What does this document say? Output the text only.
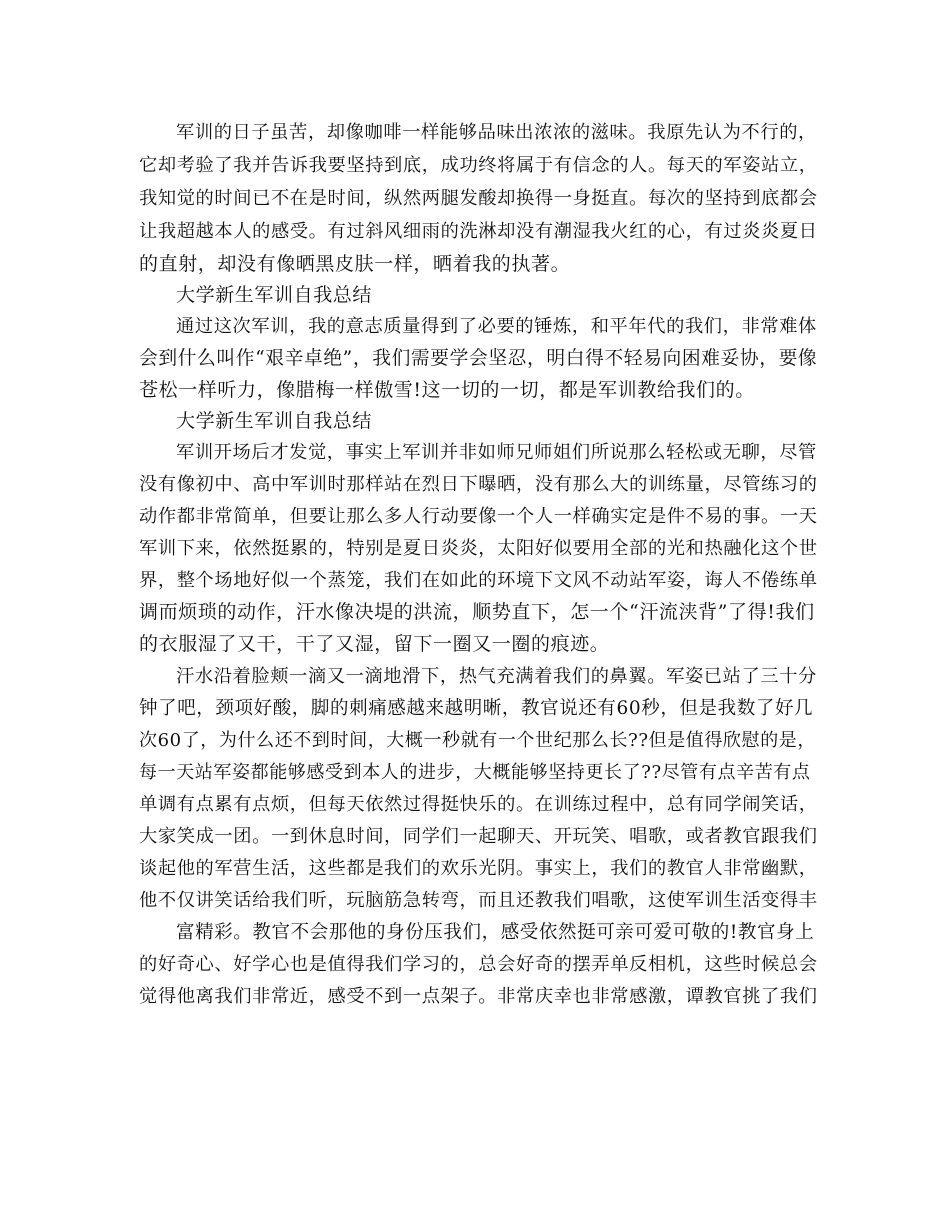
军训的日子虽苦，却像咖啡一样能够品味出浓浓的滋味。我原先认为不行的，
它却考验了我并告诉我要坚持到底，成功终将属于有信念的人。每天的军姿站立，
我知觉的时间已不在是时间，纵然两腿发酸却换得一身挺直。每次的坚持到底都会
让我超越本人的感受。有过斜风细雨的洗淋却没有潮湿我火红的心，有过炎炎夏日
的直射，却没有像晒黑皮肤一样，晒着我的执著。
大学新生军训自我总结
通过这次军训，我的意志质量得到了必要的锤炼，和平年代的我们，非常难体
会到什么叫作“艰辛卓绝”，我们需要学会坚忍，明白得不轻易向困难妥协，要像
苍松一样听力，像腊梅一样傲雪!这一切的一切，都是军训教给我们的。
大学新生军训自我总结
军训开场后才发觉，事实上军训并非如师兄师姐们所说那么轻松或无聊，尽管
没有像初中、高中军训时那样站在烈日下曝晒，没有那么大的训练量，尽管练习的
动作都非常简单，但要让那么多人行动要像一个人一样确实定是件不易的事。一天
军训下来，依然挺累的，特别是夏日炎炎，太阳好似要用全部的光和热融化这个世
界，整个场地好似一个蒸笼，我们在如此的环境下文风不动站军姿，诲人不倦练单
调而烦琐的动作，汗水像决堤的洪流，顺势直下，怎一个“汗流浃背”了得!我们
的衣服湿了又干，干了又湿，留下一圈又一圈的痕迹。
汗水沿着脸颊一滴又一滴地滑下，热气充满着我们的鼻翼。军姿已站了三十分
钟了吧，颈项好酸，脚的刺痛感越来越明晰，教官说还有60秒，但是我数了好几
次60了，为什么还不到时间，大概一秒就有一个世纪那么长??但是值得欣慰的是，
每一天站军姿都能够感受到本人的进步，大概能够坚持更长了??尽管有点辛苦有点
单调有点累有点烦，但每天依然过得挺快乐的。在训练过程中，总有同学闹笑话，
大家笑成一团。一到休息时间，同学们一起聊天、开玩笑、唱歌，或者教官跟我们
谈起他的军营生活，这些都是我们的欢乐光阴。事实上，我们的教官人非常幽默，
他不仅讲笑话给我们听，玩脑筋急转弯，而且还教我们唱歌，这使军训生活变得丰
富精彩。教官不会那他的身份压我们，感受依然挺可亲可爱可敬的!教官身上
的好奇心、好学心也是值得我们学习的，总会好奇的摆弄单反相机，这些时候总会
觉得他离我们非常近，感受不到一点架子。非常庆幸也非常感激，谭教官挑了我们
